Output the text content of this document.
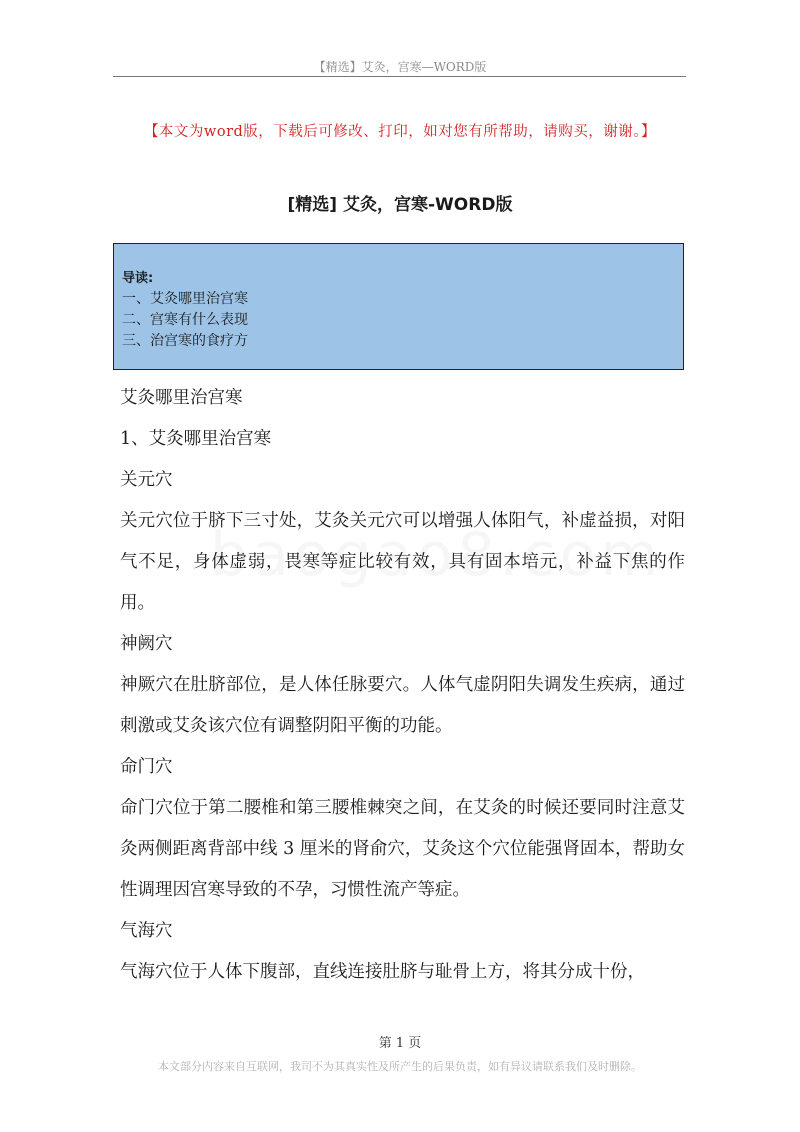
【精选】艾灸，宫寒—WORD版
【本文为word版，下载后可修改、打印，如对您有所帮助，请购买，谢谢。】
[精选] 艾灸，宫寒-WORD版
导读:
一、艾灸哪里治宫寒
二、宫寒有什么表现
三、治宫寒的食疗方

艾灸哪里治宫寒

1、艾灸哪里治宫寒

关元穴

关元穴位于脐下三寸处，艾灸关元穴可以增强人体阳气，补虚益损，对阳气不足，身体虚弱，畏寒等症比较有效，具有固本培元，补益下焦的作用。

神阙穴

神厥穴在肚脐部位，是人体任脉要穴。人体气虚阴阳失调发生疾病，通过刺激或艾灸该穴位有调整阴阳平衡的功能。

命门穴

命门穴位于第二腰椎和第三腰椎棘突之间，在艾灸的时候还要同时注意艾灸两侧距离背部中线 3 厘米的肾俞穴，艾灸这个穴位能强肾固本，帮助女性调理因宫寒导致的不孕，习惯性流产等症。

气海穴

气海穴位于人体下腹部，直线连接肚脐与耻骨上方，将其分成十份，

第 1 页
本文部分内容来自互联网，我司不为其真实性及所产生的后果负责，如有异议请联系我们及时删除。
